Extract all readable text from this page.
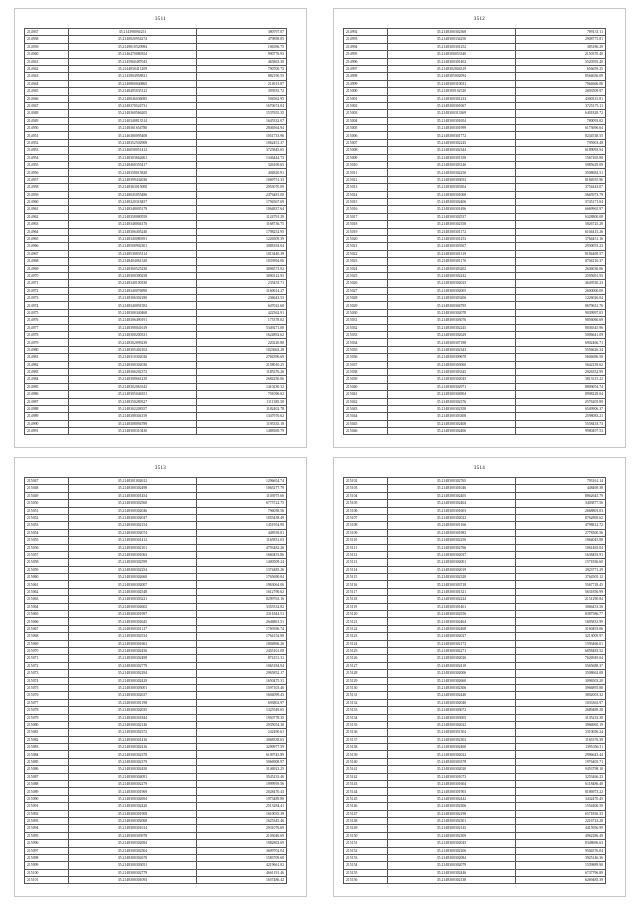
3511
214937	35.214398094251	380797.07
214938	35.2140820954274	479898.05
214939	35.2149810520984	106396.75
214940	35.2146470080354	990776.93
214941	35.2145960487043	465863.30
214942	35.2144850411209	790700.75
214943	35.2145804958821	882190.55
214944	35.2140860040865	214913.87
214945	35.2148405035122	393935.72
214946	35.2148046036085	594562.95
214947	35.2148370524731	1670674.04
214948	35.2148360566205	1537655.35
214949	35.2140340813514	1645332.07
214950	35.2148361654780	2846564.94
214951	35.2146380095408	1051733.96
214952	35.2148352502908	1062451.37
214953	35.2146058051412	3725845.65
214954	35.2148303662661	1346444.73
214955	35.2148460355417	326169.65
214956	35.2148358015820	404820.91
214957	35.2148399432036	1069751.33
214958	35.2148363015000	2055070.09
214959	35.2148045055486	2476481.00
214960	35.2148320318457	1794567.69
214961	35.2148348005179	1064837.64
214962	35.2148358080559	1124791.29
214963	35.2148348004170	1168736.75
214964	35.2148306405240	1798252.95
214965	35.2148340080391	1226509.39
214966	35.2148500902301	3088184.04
214967	35.2148530835114	1013440.39
214968	35.2148404061320	1033994.06
214969	35.2148360525230	3006573.02
214970	35.2148300390258	3000122.93
214971	35.2148340100330	235455.71
214972	35.2148340076990	3160614.27
214973	35.2148306302180	236643.53
214974	35.2148340091582	647022.60
214975	35.2148300340468	422562.91
214976	35.2148306490191	175378.02
214977	35.2148390041619	5349271.08
214978	35.2148300200331	1624892.62
214979	35.2148302099239	220220.80
214980	35.2148305402102	1023663.20
214981	35.2148310302026	2784396.69
214982	35.2148300302036	2158010.25
214983	35.2148306202372	1185376.26
214984	35.2148308661210	2684250.06
214985	35.2148302063342	1410230.32
214986	35.2148305046351	701096.02
214987	35.2148350280327	1111385.50
214988	35.2148302208357	1182402.78
214989	35.2148308304159	1347970.62
214990	35.2148308094789	1195335.18
214991	35.2148300310430	1488369.79
3512
214992	35.2148300302369	789131.11
214993	35.2148300334250	2908775.81
214994	35.2148300301252	383186.29
214995	35.2148300053340	2150370.40
214996	35.2148300301402	3520595.40
214997	35.2148302004319	656659.25
214998	35.2148305002094	8564656.09
214999	35.2148300310031	7064666.06
215000	35.2148300102520	2693509.97
215001	35.2148300301233	4300315.81
215002	35.2148300301067	3725175.11
215003	35.2148300313369	6401828.72
215004	35.2148300301654	780093.02
215005	35.2148300301999	6173696.64
215006	35.2148300301772	8234538.55
215007	35.2148300302245	795903.48
215008	35.2148300302344	6189093.94
215009	35.2148300301358	1567265.80
215010	35.2148300303146	5985629.09
215011	35.2148300302256	3508684.51
215012	35.2148300303053	8184935.96
215013	35.2148300303304	3754443.07
215014	35.2148300301068	3665973.79
215015	35.2148300302406	3745171.04
215016	35.2148300301496	6669965.97
215017	35.2148300302537	6328800.08
215018	35.2148300302358	5826725.28
215019	35.2148300301172	6104415.26
215020	35.2148300301253	3764451.16
215021	35.2148300303567	2930053.23
215022	35.2148300301319	8184469.57
215023	35.2148300301176	8704216.37
215024	35.2148300303202	2636036.06
215025	35.2148300302242	2595691.93
215026	35.2148300302025	4649530.23
215027	35.2148300302005	2600000.00
215028	35.2148300303206	1226026.04
215029	35.2148300304795	8679631.76
215030	35.2148300302078	9039997.03
215031	35.2148300303076	9856060.69
215032	35.2148300302245	8036545.96
215033	35.2148300302629	5006641.09
215034	35.2148300307188	6902466.71
215035	35.2148300302343	5556626.34
215036	35.2148300309678	5604686.58
215037	35.2148300303060	5642239.62
215038	35.2148300303345	2926352.99
215039	35.2148300302045	3813315.22
215040	35.2148300302971	8809054.74
215041	35.2148300304904	8908228.04
215042	35.2148300302376	2576205.80
215043	35.2148300302358	6549906.37
215044	35.2148300303308	2598083.21
215045	35.2148300302408	5558433.73
215046	35.2148300302406	9980497.53
3513
215047	35.2148301002612	1296654.74
215048	35.2148300302498	1065277.79
215049	35.2148300301454	1103975.66
215050	35.2148300302560	6775722.75
215051	35.2148300302046	796058.56
215052	35.2148300302047	1055438.49
215053	35.2148300302154	1451954.90
215054	35.2148300302074	448559.01
215055	35.2148300301412	1165831.03
215056	35.2148300302101	4793482.26
215057	35.2148300301063	1660453.86
215058	35.2148300302599	1400509.24
215059	35.2148300302254	1374485.26
215060	35.2148300302660	1765690.04
215061	35.2148300302007	1963064.06
215062	35.2148300302548	1612790.62
215063	35.2148300303221	8299763.16
215064	35.2148300302602	3355532.82
215065	35.2148300301997	2311844.51
215066	35.2148300302645	2646861.51
215067	35.2148300301127	1769396.74
215068	35.2148300302534	1764154.98
215069	35.2148300301661	1804866.26
215070	35.2148300302456	2455161.08
215071	35.2148300302498	874151.31
215072	35.2148300302779	1065184.94
215073	35.2148300302294	2965852.17
215074	35.2148300302429	1650475.31
215075	35.2148300305001	1597103.46
215076	35.2148300302637	1604099.43
215077	35.2148300301198	693802.97
215078	35.2148300302035	1325549.65
215079	35.2148300301844	1950778.35
215080	35.2148300302146	2035054.30
215081	35.2148300302372	242490.61
215082	35.2148300301416	3068338.63
215083	35.2148300302416	3299977.59
215084	35.2148300302378	6109745.89
215085	35.2148300302379	5066908.97
215086	35.2148300302450	3146923.25
215087	35.2148300304091	3545233.46
215088	35.2148300302279	1999959.56
215089	35.2148300301969	2028470.43
215090	35.2148300302694	1973489.80
215091	35.2148300302420	2513284.41
215092	35.2148300301908	1610035.39
215093	35.2148300302068	1625345.46
215094	35.2148300301614	2931076.69
215095	35.2148300303978	2103046.69
215096	35.2148300302694	1982863.69
215097	35.2148300302504	3609702.04
215098	35.2148300302678	1583709.68
215099	35.2148300303051	4219661.02
215100	35.2148300302779	4661191.46
215101	35.2148300301093	1657486.42
3514
215102	35.2148300302765	793161.14
215103	35.2148300301046	448469.38
215104	35.2148300302405	8862645.79
215105	35.2148300302464	3403877.56
215106	35.2148300301603	2668803.03
215107	35.2148300302022	8762869.62
215108	35.2148300301166	4798812.72
215109	35.2148300301983	2778300.56
215110	35.2148300302250	1864045.88
215111	35.2148300302766	1061465.04
215112	35.2148300302037	1638493.91
215113	35.2148300302001	1571836.60
215114	35.2148300302019	3923771.29
215115	35.2148300302328	3764505.12
215116	35.2148300303718	5567718.45
215117	35.2148300301321	5631856.99
215118	35.2148300302224	2151290.84
215119	35.2148300301461	3066453.56
215120	35.2148300302556	8387586.77
215121	35.2148300302464	1695833.99
215122	35.2148300302468	3160493.06
215123	35.2148300302027	3213009.97
215124	35.2148300302173	1593466.01
215125	35.2148300302271	6858483.52
215126	35.2148300302026	7626949.04
215127	35.2148300302418	5565688.37
215128	35.2148300302006	3508662.08
215129	35.2148300302660	3096503.20
215130	35.2148300302306	3966895.88
215131	35.2148300302440	3802003.32
215132	35.2148300302040	1033363.97
215133	35.2148300303072	2689489.28
215134	35.2148300303005	3135233.38
215135	35.2148300302022	3966965.19
215136	35.2148300301304	3310056.24
215137	35.2148300302303	1165376.39
215138	35.2148300302460	1395356.11
215139	35.2148300302022	2996643.44
215140	35.2148300303378	1976405.71
215141	35.2148300302020	9453798.10
215142	35.2148300301073	3253466.23
215143	35.2148300301604	6118486.40
215144	35.2148300301903	8186973.22
215145	35.2148300302442	3432470.45
215146	35.2148300302306	1554406.59
215147	35.2148300302198	6571836.33
215148	35.2148300302301	2216723.28
215149	35.2148300302145	4415956.99
215150	35.2148300302309	4962286.49
215151	35.2148300302045	8348696.63
215152	35.2148300302206	9504576.04
215153	35.2148300302084	3925146.36
215154	35.2148300302079	1539889.90
215155	35.2148300302446	6737796.89
215156	35.2148300302138	6269485.39
